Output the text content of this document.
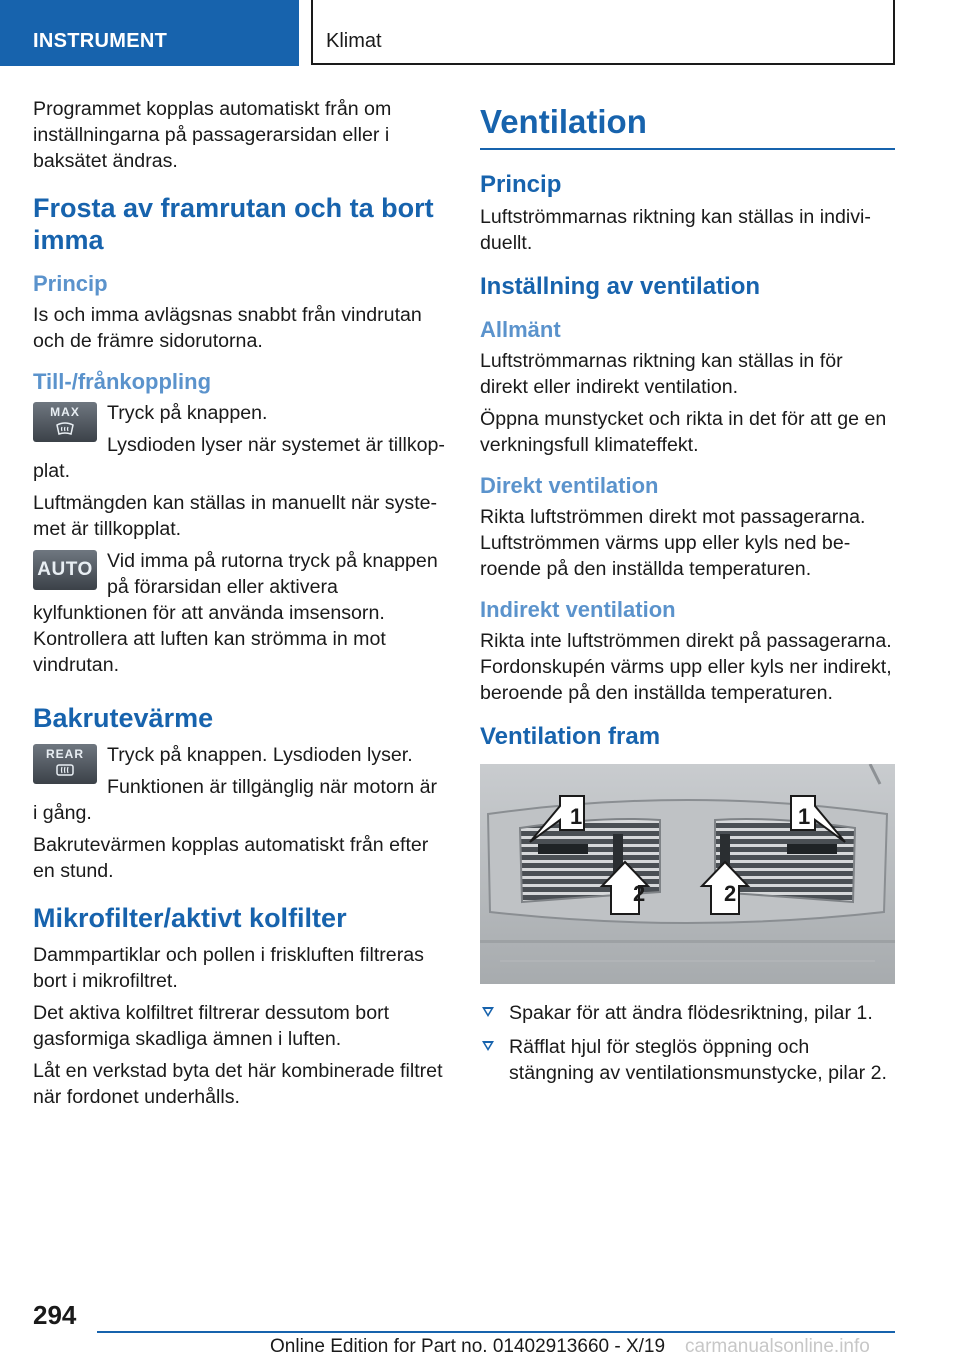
INSTRUMENT	Klimat

Programmet kopplas automatiskt från om inställningarna på passagerarsidan eller i baksätet ändras.

Frosta av framrutan och ta bort imma
Princip

Is och imma avlägsnas snabbt från vindrutan och de främre sidorutorna.

Till-/frånkoppling
MAX	Tryck på knappen.

Lysdioden lyser när systemet är tillkopplat.

Luftmängden kan ställas in manuellt när systemet är tillkopplat.

AUTO Vid imma på rutorna tryck på knappen på förarsidan eller aktivera kylfunktionen för att använda imsensorn. Kontrollera att luften kan strömma in mot vindrutan.

Bakrutevärme
REAR	Tryck på knappen. Lysdioden lyser.

Funktionen är tillgänglig när motorn är i gång.

Bakrutevärmen kopplas automatiskt från efter en stund.

Mikrofilter/aktivt kolfilter

Dammpartiklar och pollen i friskluften filtreras bort i mikrofiltret.

Det aktiva kolfiltret filtrerar dessutom bort gasformiga skadliga ämnen i luften.

Låt en verkstad byta det här kombinerade filtret när fordonet underhålls.

Ventilation
Princip

Luftströmmarnas riktning kan ställas in individuellt.

Inställning av ventilation
Allmänt

Luftströmmarnas riktning kan ställas in för direkt eller indirekt ventilation.

Öppna munstycket och rikta in det för att ge en verkningsfull klimateffekt.

Direkt ventilation

Rikta luftströmmen direkt mot passagerarna. Luftströmmen värms upp eller kyls ned beroende på den inställda temperaturen.

Indirekt ventilation

Rikta inte luftströmmen direkt på passagerarna. Fordonskupén värms upp eller kyls ner indirekt, beroende på den inställda temperaturen.

Ventilation fram
1	1
2	2
Spakar för att ändra flödesriktning, pilar 1.
Räfflat hjul för steglös öppning och stängning av ventilationsmunstycke, pilar 2.
294
Online Edition for Part no. 01402913660 - X/19 carmanualsonline.info
